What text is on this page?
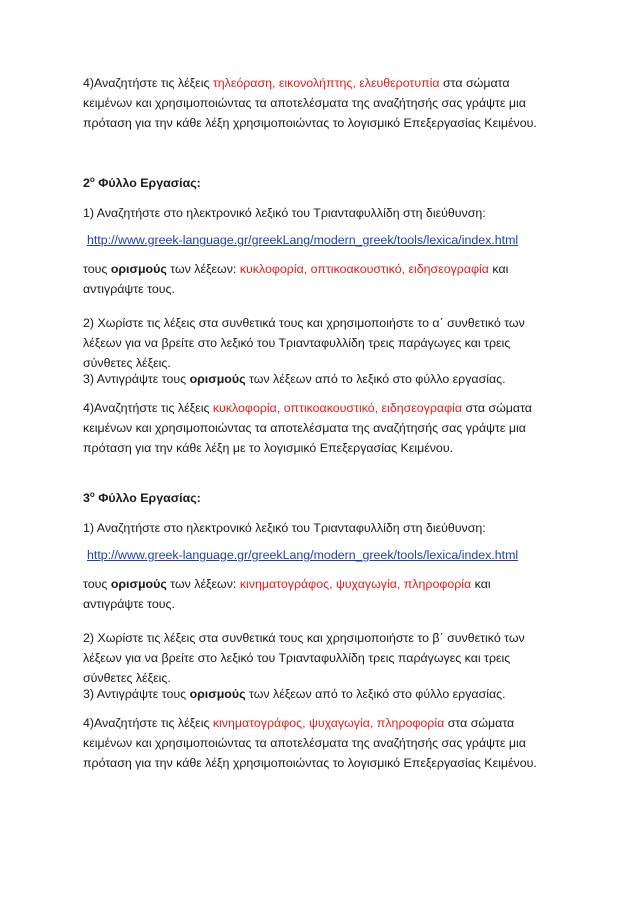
4)Αναζητήστε τις λέξεις τηλεόραση, εικονολήπτης, ελευθεροτυπία στα σώματα κειμένων και χρησιμοποιώντας τα αποτελέσματα της αναζήτησής σας γράψτε μια πρόταση για την κάθε λέξη χρησιμοποιώντας το λογισμικό Επεξεργασίας Κειμένου.
$2^o$ Φύλλο Εργασίας:
1) Αναζητήστε στο ηλεκτρονικό λεξικό του Τριανταφυλλίδη στη διεύθυνση:
http://www.greek-language.gr/greekLang/modern_greek/tools/lexica/index.html
τους ορισμούς των λέξεων: κυκλοφορία, οπτικοακουστικό, ειδησεογραφία και αντιγράψτε τους.
2) Χωρίστε τις λέξεις στα συνθετικά τους και χρησιμοποιήστε το α΄ συνθετικό των λέξεων για να βρείτε στο λεξικό του Τριανταφυλλίδη τρεις παράγωγες και τρεις σύνθετες λέξεις.
3) Αντιγράψτε τους ορισμούς των λέξεων από το λεξικό στο φύλλο εργασίας.
4)Αναζητήστε τις λέξεις κυκλοφορία, οπτικοακουστικό, ειδησεογραφία στα σώματα κειμένων και χρησιμοποιώντας τα αποτελέσματα της αναζήτησής σας γράψτε μια πρόταση για την κάθε λέξη με το λογισμικό Επεξεργασίας Κειμένου.
$3^o$ Φύλλο Εργασίας:
1) Αναζητήστε στο ηλεκτρονικό λεξικό του Τριανταφυλλίδη στη διεύθυνση:
http://www.greek-language.gr/greekLang/modern_greek/tools/lexica/index.html
τους ορισμούς των λέξεων: κινηματογράφος, ψυχαγωγία, πληροφορία και αντιγράψτε τους.
2) Χωρίστε τις λέξεις στα συνθετικά τους και χρησιμοποιήστε το β΄ συνθετικό των λέξεων για να βρείτε στο λεξικό του Τριανταφυλλίδη τρεις παράγωγες και τρεις σύνθετες λέξεις.
3) Αντιγράψτε τους ορισμούς των λέξεων από το λεξικό στο φύλλο εργασίας.
4)Αναζητήστε τις λέξεις κινηματογράφος, ψυχαγωγία, πληροφορία στα σώματα κειμένων και χρησιμοποιώντας τα αποτελέσματα της αναζήτησής σας γράψτε μια πρόταση για την κάθε λέξη χρησιμοποιώντας το λογισμικό Επεξεργασίας Κειμένου.
